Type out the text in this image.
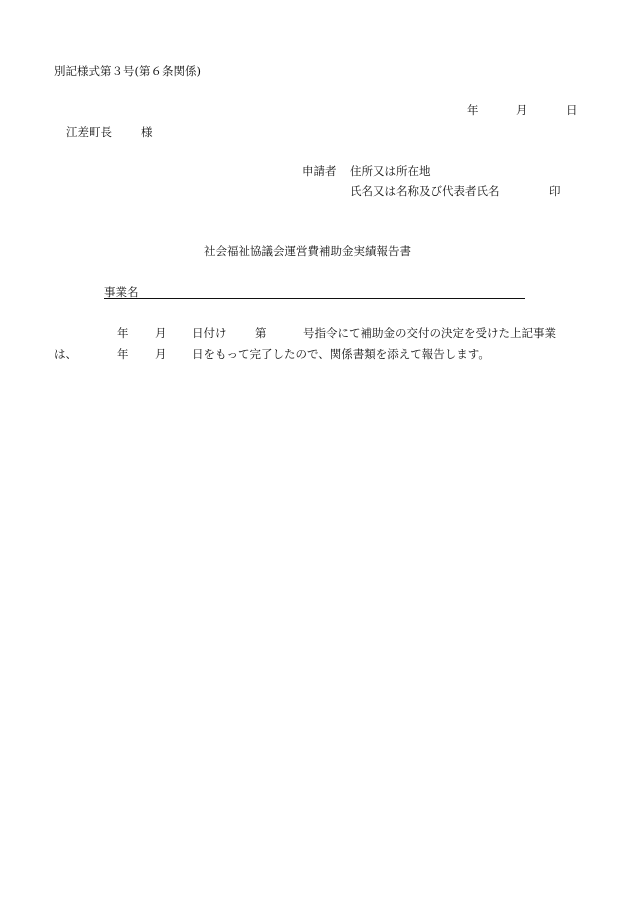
別記様式第３号(第６条関係)
年	月	日
江差町長	様
申請者 住所又は所在地
氏名又は名称及び代表者氏名	印
社会福祉協議会運営費補助金実績報告書
事業名
年 月 日付け 第	号指令にて補助金の交付の決定を受けた上記事業
は、	年 月 日をもって完了したので、関係書類を添えて報告します。
